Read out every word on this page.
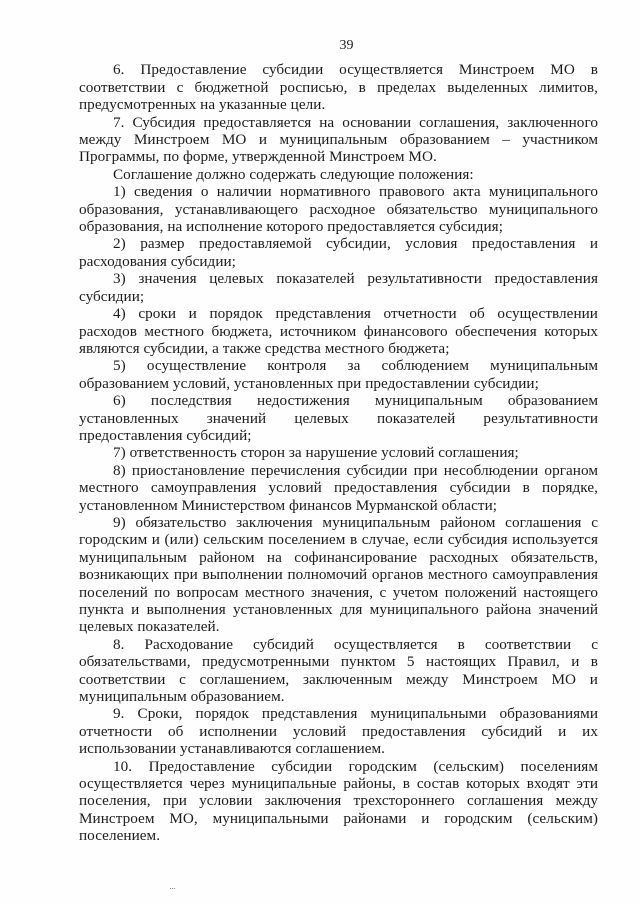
39

6. Предоставление субсидии осуществляется Минстроем МО в соответствии с бюджетной росписью, в пределах выделенных лимитов, предусмотренных на указанные цели.

7. Субсидия предоставляется на основании соглашения, заключенного между Минстроем МО и муниципальным образованием – участником Программы, по форме, утвержденной Минстроем МО.

Соглашение должно содержать следующие положения:

1) сведения о наличии нормативного правового акта муниципального образования, устанавливающего расходное обязательство муниципального образования, на исполнение которого предоставляется субсидия;

2) размер предоставляемой субсидии, условия предоставления и расходования субсидии;

3) значения целевых показателей результативности предоставления субсидии;

4) сроки и порядок представления отчетности об осуществлении расходов местного бюджета, источником финансового обеспечения которых являются субсидии, а также средства местного бюджета;

5) осуществление контроля за соблюдением муниципальным образованием условий, установленных при предоставлении субсидии;

6) последствия недостижения муниципальным образованием установленных значений целевых показателей результативности предоставления субсидий;

7) ответственность сторон за нарушение условий соглашения;

8) приостановление перечисления субсидии при несоблюдении органом местного самоуправления условий предоставления субсидии в порядке, установленном Министерством финансов Мурманской области;

9) обязательство заключения муниципальным районом соглашения с городским и (или) сельским поселением в случае, если субсидия используется муниципальным районом на софинансирование расходных обязательств, возникающих при выполнении полномочий органов местного самоуправления поселений по вопросам местного значения, с учетом положений настоящего пункта и выполнения установленных для муниципального района значений целевых показателей.

8. Расходование субсидий осуществляется в соответствии с обязательствами, предусмотренными пунктом 5 настоящих Правил, и в соответствии с соглашением, заключенным между Минстроем МО и муниципальным образованием.

9. Сроки, порядок представления муниципальными образованиями отчетности об исполнении условий предоставления субсидий и их использовании устанавливаются соглашением.

10. Предоставление субсидии городским (сельским) поселениям осуществляется через муниципальные районы, в состав которых входят эти поселения, при условии заключения трехстороннего соглашения между Минстроем МО, муниципальными районами и городским (сельским) поселением.
